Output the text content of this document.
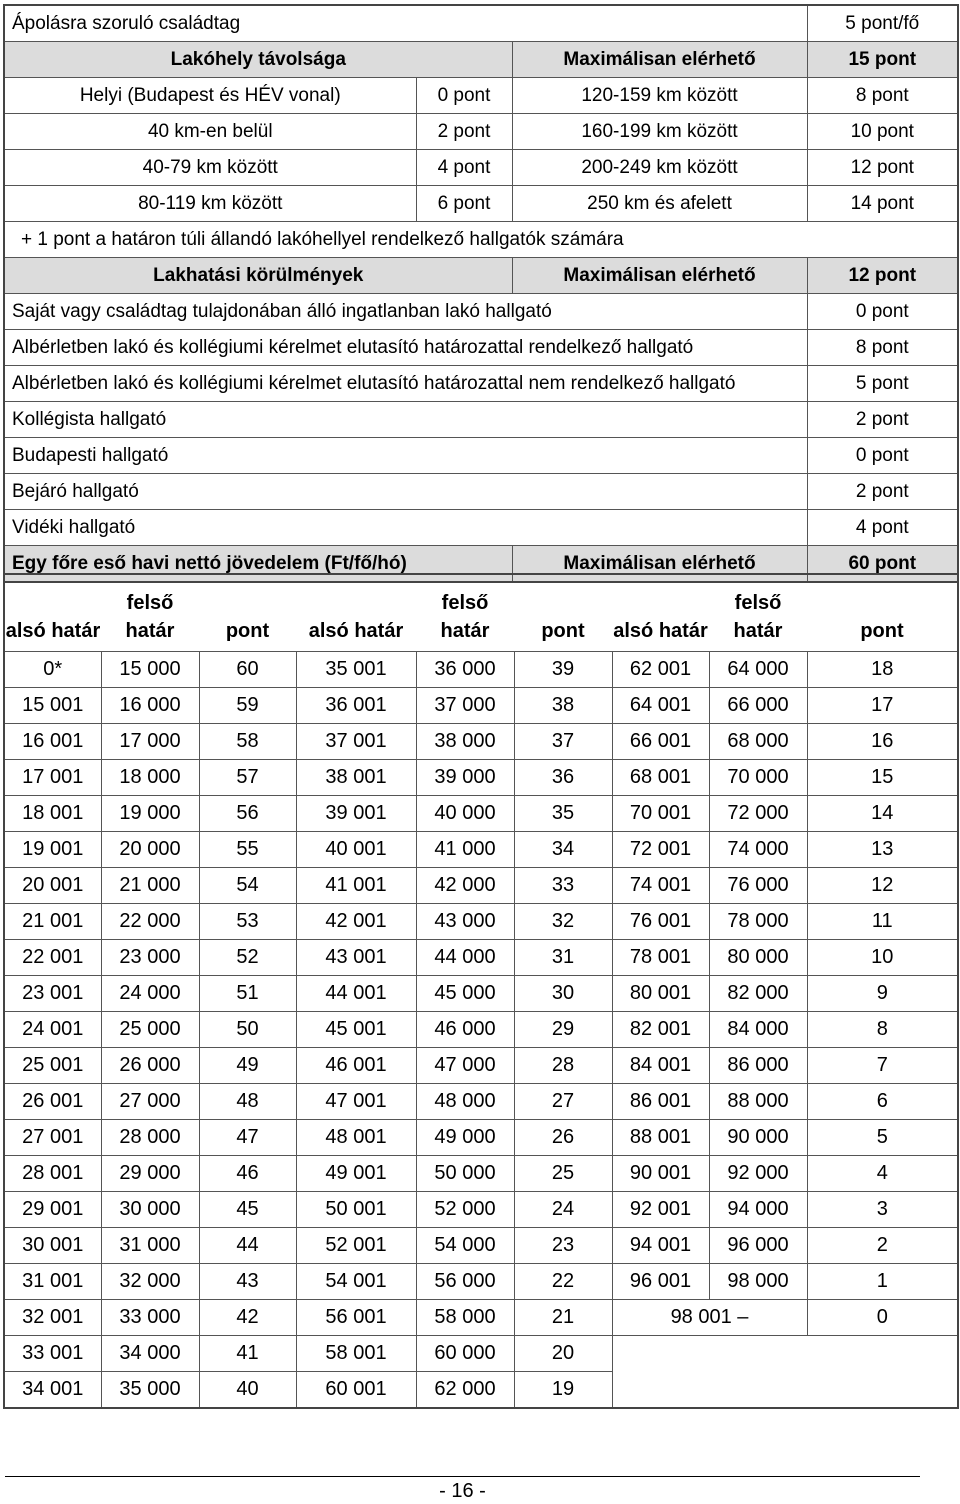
Ápolásra szoruló családtag			5 pont/fő
Lakóhely távolsága		Maximálisan elérhető	15 pont
Helyi (Budapest és HÉV vonal)	0 pont	120-159 km között	8 pont
40 km-en belül	2 pont	160-199 km között	10 pont
40-79 km között	4 pont	200-249 km között	12 pont
80-119 km között	6 pont	250 km és afelett	14 pont
+ 1 pont a határon túli állandó lakóhellyel rendelkező hallgatók számára			
Lakhatási körülmények		Maximálisan elérhető	12 pont
Saját vagy családtag tulajdonában álló ingatlanban lakó hallgató			0 pont
Albérletben lakó és kollégiumi kérelmet elutasító határozattal rendelkező hallgató			8 pont
Albérletben lakó és kollégiumi kérelmet elutasító határozattal nem rendelkező hallgató			5 pont
Kollégista hallgató			2 pont
Budapesti hallgató			0 pont
Bejáró hallgató			2 pont
Vidéki hallgató			4 pont
Egy főre eső havi nettó jövedelem (Ft/fő/hó)		Maximálisan elérhető	60 pont
alsó határ	felső határ	pont	alsó határ	felső határ	pont	alsó határ	felső határ	pont
0*	15 000	60	35 001	36 000	39	62 001	64 000	18
15 001	16 000	59	36 001	37 000	38	64 001	66 000	17
16 001	17 000	58	37 001	38 000	37	66 001	68 000	16
17 001	18 000	57	38 001	39 000	36	68 001	70 000	15
18 001	19 000	56	39 001	40 000	35	70 001	72 000	14
19 001	20 000	55	40 001	41 000	34	72 001	74 000	13
20 001	21 000	54	41 001	42 000	33	74 001	76 000	12
21 001	22 000	53	42 001	43 000	32	76 001	78 000	11
22 001	23 000	52	43 001	44 000	31	78 001	80 000	10
23 001	24 000	51	44 001	45 000	30	80 001	82 000	9
24 001	25 000	50	45 001	46 000	29	82 001	84 000	8
25 001	26 000	49	46 001	47 000	28	84 001	86 000	7
26 001	27 000	48	47 001	48 000	27	86 001	88 000	6
27 001	28 000	47	48 001	49 000	26	88 001	90 000	5
28 001	29 000	46	49 001	50 000	25	90 001	92 000	4
29 001	30 000	45	50 001	52 000	24	92 001	94 000	3
30 001	31 000	44	52 001	54 000	23	94 001	96 000	2
31 001	32 000	43	54 001	56 000	22	96 001	98 000	1
32 001	33 000	42	56 001	58 000	21	98 001 –		0
33 001	34 000	41	58 001	60 000	20			
34 001	35 000	40	60 001	62 000	19			
- 16 -
